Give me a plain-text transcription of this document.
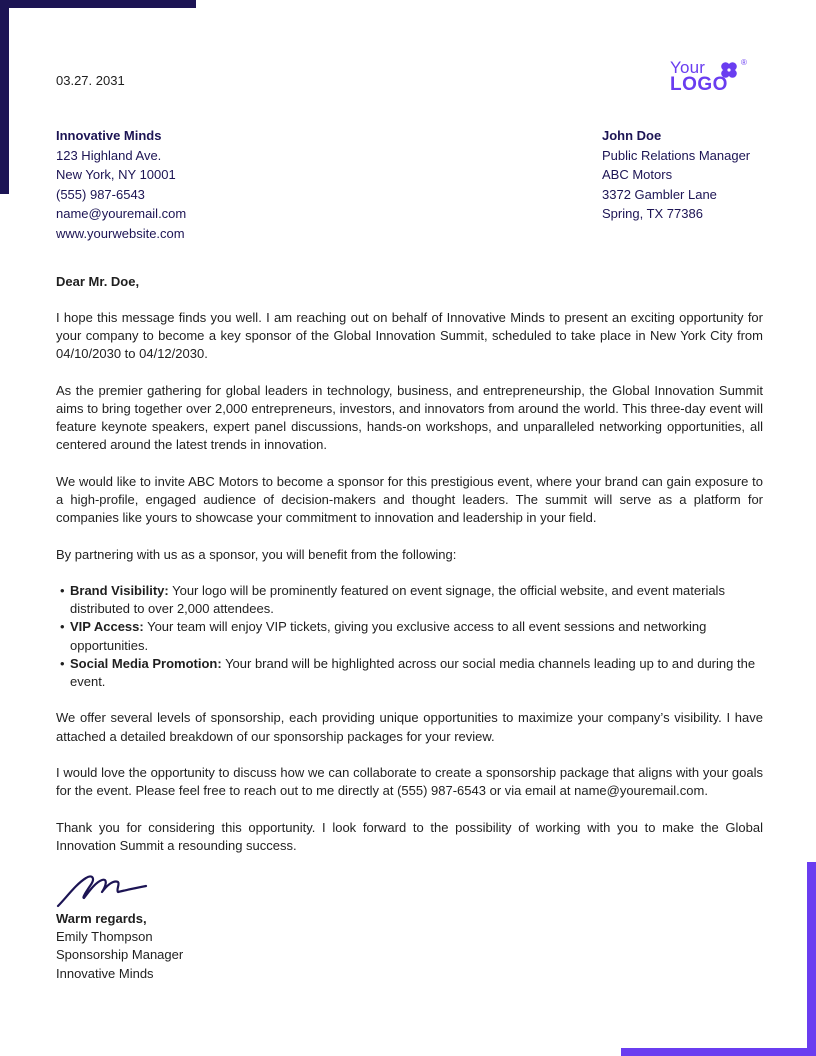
Your	®
LOGO
03.27. 2031
Innovative Minds
123 Highland Ave.
New York, NY 10001
(555) 987-6543
name@youremail.com
www.yourwebsite.com
John Doe
Public Relations Manager
ABC Motors
3372 Gambler Lane
Spring, TX 77386
Dear Mr. Doe,

I hope this message finds you well. I am reaching out on behalf of Innovative Minds to present an exciting opportunity for your company to become a key sponsor of the Global Innovation Summit, scheduled to take place in New York City from 04/10/2030 to 04/12/2030.

As the premier gathering for global leaders in technology, business, and entrepreneurship, the Global Innovation Summit aims to bring together over 2,000 entrepreneurs, investors, and innovators from around the world. This three-day event will feature keynote speakers, expert panel discussions, hands-on workshops, and unparalleled networking opportunities, all centered around the latest trends in innovation.

We would like to invite ABC Motors to become a sponsor for this prestigious event, where your brand can gain exposure to a high-profile, engaged audience of decision-makers and thought leaders. The summit will serve as a platform for companies like yours to showcase your commitment to innovation and leadership in your field.

By partnering with us as a sponsor, you will benefit from the following:

• Brand Visibility: Your logo will be prominently featured on event signage, the official website, and event materials distributed to over 2,000 attendees.
• VIP Access: Your team will enjoy VIP tickets, giving you exclusive access to all event sessions and networking opportunities.
• Social Media Promotion: Your brand will be highlighted across our social media channels leading up to and during the event.

We offer several levels of sponsorship, each providing unique opportunities to maximize your company’s visibility. I have attached a detailed breakdown of our sponsorship packages for your review.

I would love the opportunity to discuss how we can collaborate to create a sponsorship package that aligns with your goals for the event. Please feel free to reach out to me directly at (555) 987-6543 or via email at name@youremail.com.

Thank you for considering this opportunity. I look forward to the possibility of working with you to make the Global Innovation Summit a resounding success.

Warm regards,
Emily Thompson
Sponsorship Manager
Innovative Minds
